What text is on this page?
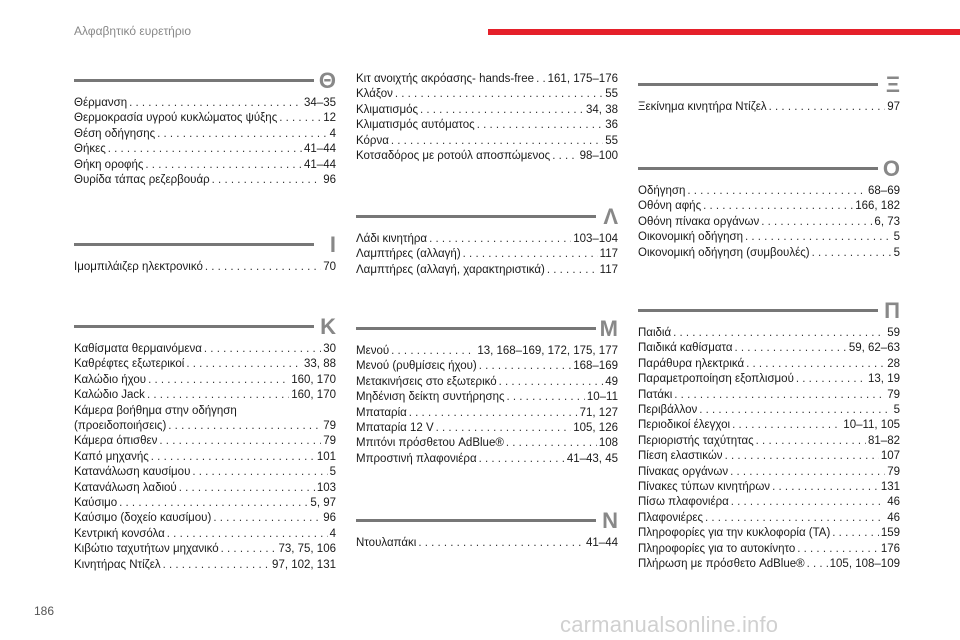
Αλφαβητικό ευρετήριο
Θ
Θέρμανση . . .	34–35
Θερμοκρασία υγρού κυκλώματος ψύξης . . .	12
Θέση οδήγησης . . .	4
Θήκες . . .	41–44
Θήκη οροφής . . .	41–44
Θυρίδα τάπας ρεζερβουάρ . . .	96
Ι
Ιμομπιλάιζερ ηλεκτρονικό . . .	70
Κ
Καθίσματα θερμαινόμενα . . .	30
Καθρέφτες εξωτερικοί . . .	33, 88
Καλώδιο ήχου . . .	160, 170
Καλώδιο Jack . . .	160, 170
Κάμερα βοήθημα στην οδήγηση
(προειδοποιήσεις) . . .	79
Κάμερα όπισθεν . . .	79
Καπό μηχανής . . .	101
Κατανάλωση καυσίμου . . .	5
Κατανάλωση λαδιού . . .	103
Καύσιμο . . .	5, 97
Καύσιμο (δοχείο καυσίμου) . . .	96
Κεντρική κονσόλα . . .	4
Κιβώτιο ταχυτήτων μηχανικό . . .	73, 75, 106
Κινητήρας Ντίζελ . . .	97, 102, 131
Κιτ ανοιχτής ακρόασης- hands-free . . . 161, 175–176
Κλάξον . . .	55
Κλιματισμός . . .	34, 38
Κλιματισμός αυτόματος . . .	36
Κόρνα . . .	55
Κοτσαδόρος με ροτούλ αποσπώμενος . . .	98–100
Λ
Λάδι κινητήρα . . .	103–104
Λαμπτήρες (αλλαγή) . . .	117
Λαμπτήρες (αλλαγή, χαρακτηριστικά) . . .	117
Μ
Μενού . . .	13, 168–169, 172, 175, 177
Μενού (ρυθμίσεις ήχου) . . .	168–169
Μετακινήσεις στο εξωτερικό . . .	49
Μηδένιση δείκτη συντήρησης . . .	10–11
Μπαταρία . . .	71, 127
Μπαταρία 12 V . . .	105, 126
Μπιτόνι πρόσθετου AdBlue® . . .	108
Μπροστινή πλαφονιέρα . . .	41–43, 45
Ν
Ντουλαπάκι . . .	41–44
Ξ
Ξεκίνημα κινητήρα Ντίζελ . . .	97
Ο
Οδήγηση . . .	68–69
Οθόνη αφής . . .	166, 182
Οθόνη πίνακα οργάνων . . .	6, 73
Οικονομική οδήγηση . . .	5
Οικονομική οδήγηση (συμβουλές) . . .	5
Π
Παιδιά . . .	59
Παιδικά καθίσματα . . .	59, 62–63
Παράθυρα ηλεκτρικά . . .	28
Παραμετροποίηση εξοπλισμού . . .	13, 19
Πατάκι . . .	79
Περιβάλλον . . .	5
Περιοδικοί έλεγχοι . . .	10–11, 105
Περιοριστής ταχύτητας . . .	81–82
Πίεση ελαστικών . . .	107
Πίνακας οργάνων . . .	79
Πίνακες τύπων κινητήρων . . .	131
Πίσω πλαφονιέρα . . .	46
Πλαφονιέρες . . .	46
Πληροφορίες για την κυκλοφορία (TA) . . .	159
Πληροφορίες για το αυτοκίνητο . . .	176
Πλήρωση με πρόσθετο AdBlue® . . . 105, 108–109
186
carmanualsonline.info
